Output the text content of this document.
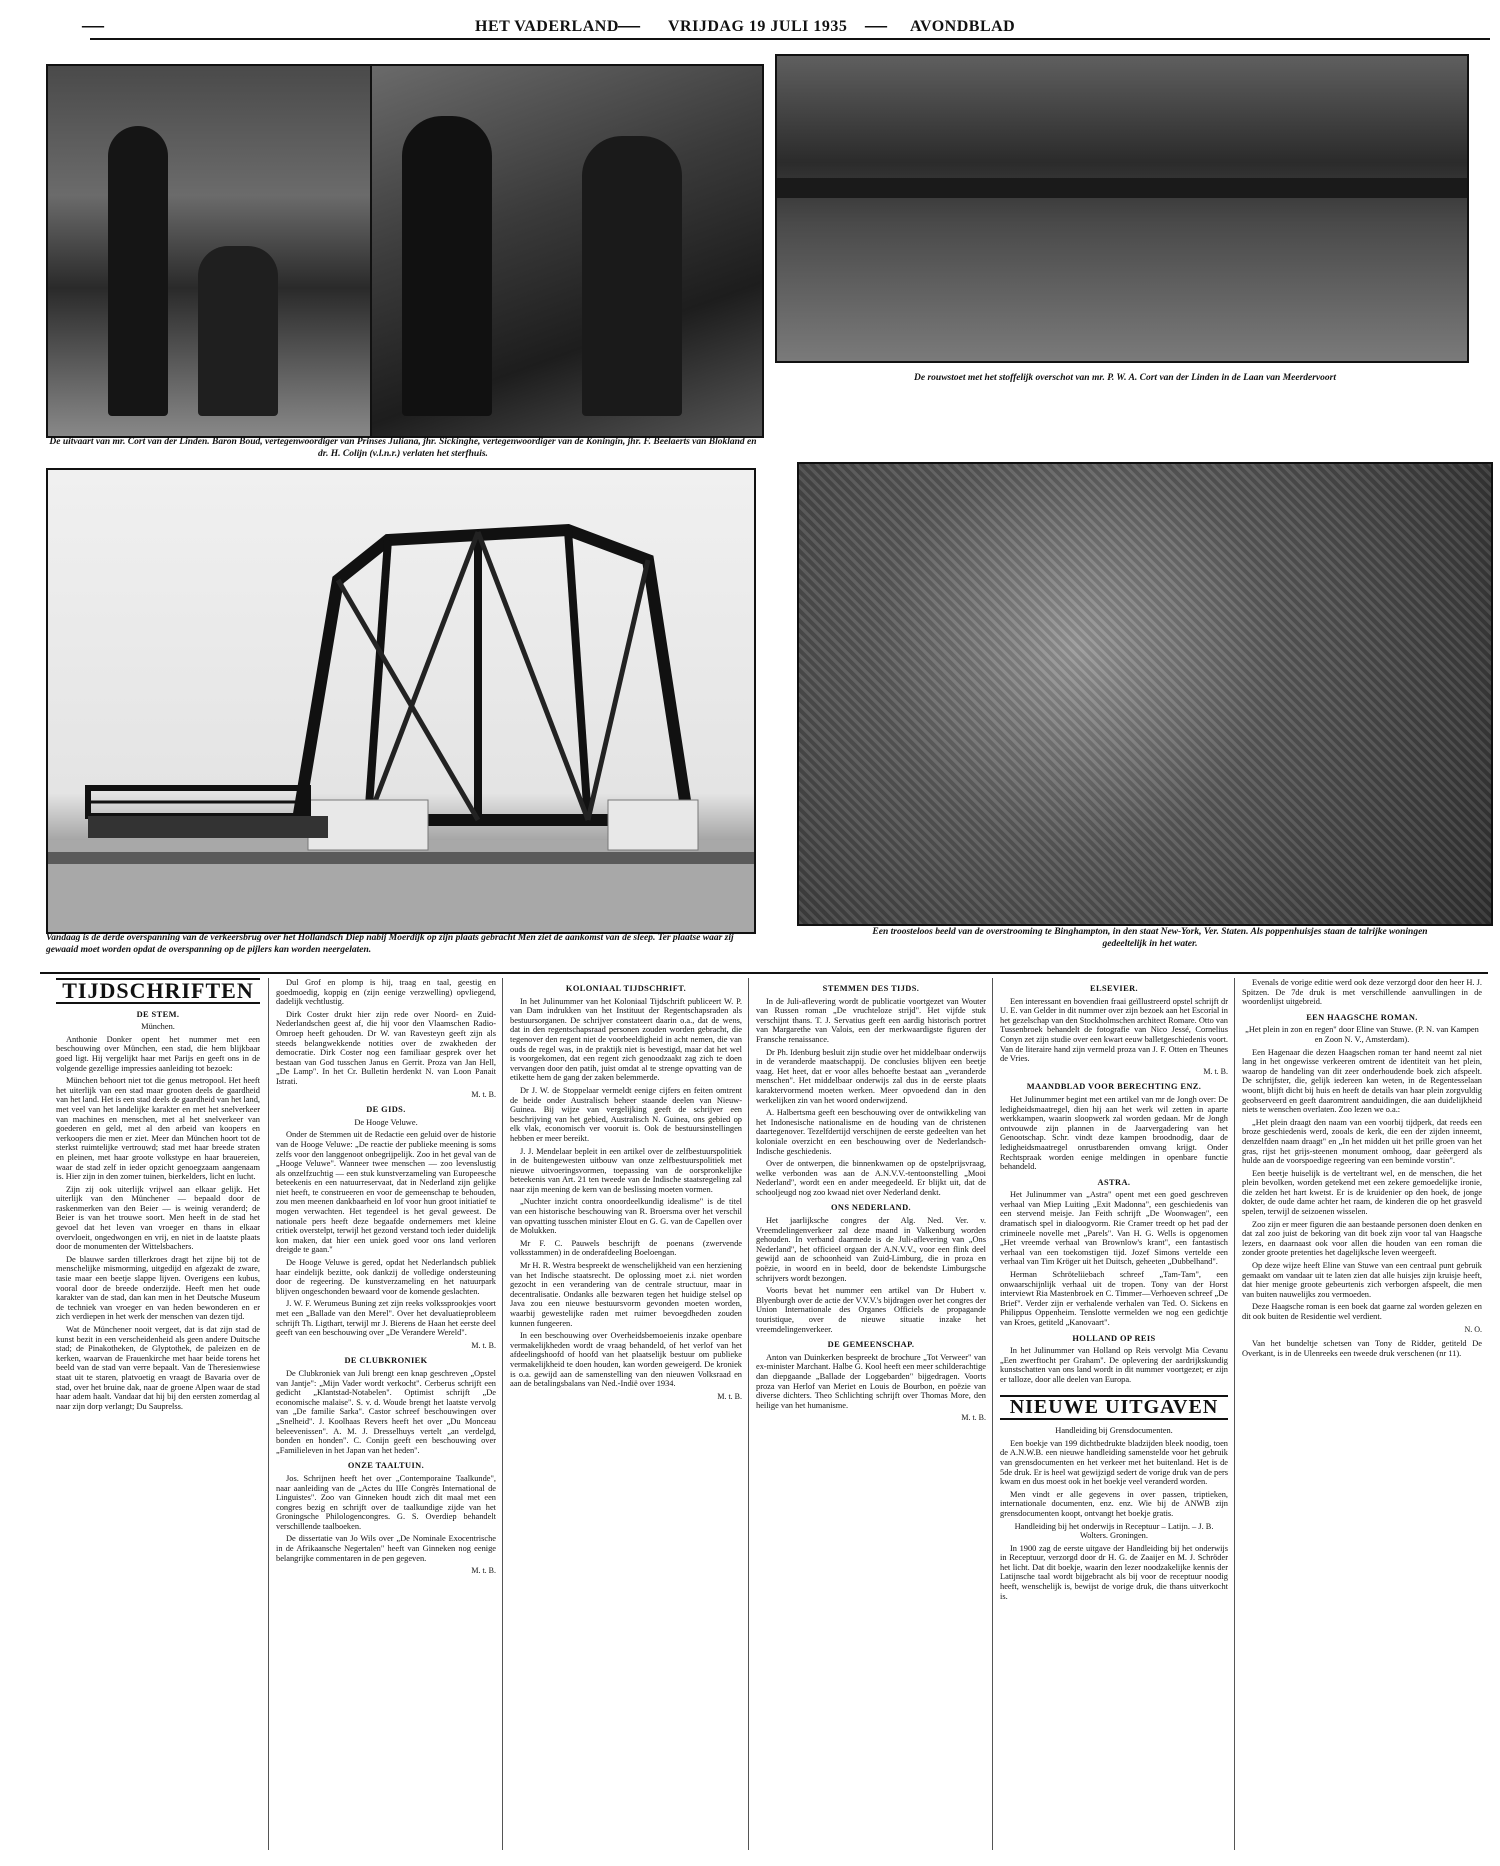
—	HET VADERLAND — VRIJDAG 19 JULI 1935 — AVONDBLAD
De uitvaart van mr. Cort van der Linden. Baron Boud, vertegenwoordiger van Prinses Juliana, jhr. Sickinghe, vertegenwoordiger van de Koningin, jhr. F. Beelaerts van Blokland en dr. H. Colijn (v.l.n.r.) verlaten het sterfhuis.
De rouwstoet met het stoffelijk overschot van mr. P. W. A. Cort van der Linden in de Laan van Meerdervoort
Vandaag is de derde overspanning van de verkeersbrug over het Hollandsch Diep nabij Moerdijk op zijn plaats gebracht Men ziet de aankomst van de sleep. Ter plaatse waar zij gewaaid moet worden opdat de overspanning op de pijlers kan worden neergelaten.
Een troosteloos beeld van de overstrooming te Binghampton, in den staat New-York, Ver. Staten. Als poppenhuisjes staan de talrijke woningen gedeeltelijk in het water.
TIJDSCHRIFTEN
DE STEM.
München.

Anthonie Donker opent het nummer met een beschouwing over München, een stad, die hem blijkbaar goed ligt. Hij vergelijkt haar met Parijs en geeft ons in de volgende gezellige impressies aanleiding tot bezoek:

München behoort niet tot die genus metropool. Het heeft het uiterlijk van een stad maar grooten deels de gaardheid van het land. Het is een stad deels de gaardheid van het land, met veel van het landelijke karakter en met het snelverkeer van machines en menschen, met al het snelverkeer van goederen en geld, met al den arbeid van koopers en verkoopers die men er ziet. Meer dan München hoort tot de sterkst ruimtelijke vertrouwd; stad met haar breede straten en pleinen, met haar groote volkstype en haar brauereien, waar de stad zelf in ieder opzicht genoegzaam aangenaam is. Hier zijn in den zomer tuinen, bierkelders, licht en lucht.

Zijn zij ook uiterlijk vrijwel aan elkaar gelijk. Het uiterlijk van den Münchener — bepaald door de raskenmerken van den Beier — is weinig veranderd; de Beier is van het trouwe soort. Men heeft in de stad het gevoel dat het leven van vroeger en thans in elkaar overvloeit, ongedwongen en vrij, en niet in de laatste plaats door de monumenten der Wittelsbachers.

De blauwe sarden tillerkroes dragt het zijne bij tot de menschelijke mismorming, uitgedijd en afgezakt de zware, tasie maar een beetje slappe lijven. Overigens een kubus, vooral door de breede onderzijde. Heeft men het oude karakter van de stad, dan kan men in het Deutsche Museum de techniek van vroeger en van heden bewonderen en er zich verdiepen in het werk der menschen van dezen tijd.

Wat de Münchener nooit vergeet, dat is dat zijn stad de kunst bezit in een verscheidenheid als geen andere Duitsche stad; de Pinakotheken, de Glyptothek, de paleizen en de kerken, waarvan de Frauenkirche met haar beide torens het beeld van de stad van verre bepaalt. Van de Theresienwiese staat uit te staren, platvoetig en vraagt de Bavaria over de stad, over het bruine dak, naar de groene Alpen waar de stad haar adem haalt. Vandaar dat hij bij den eersten zomerdag al naar zijn dorp verlangt; Du Sauprelss.

Dul Grof en plomp is hij, traag en taal, geestig en goedmoedig, koppig en (zijn eenige verzwelling) opvliegend, dadelijk vechtlustig.

Dirk Coster drukt hier zijn rede over Noord- en Zuid-Nederlandschen geest af, die hij voor den Vlaamschen Radio-Omroep heeft gehouden. Dr W. van Ravesteyn geeft zijn als steeds belangwekkende notities over de zwakheden der democratie. Dirk Coster nog een familiaar gesprek over het bestaan van God tusschen Janus en Gerrit. Proza van Jan Hell, „De Lamp". In het Cr. Bulletin herdenkt N. van Loon Panait Istrati.

M. t. B.
DE GIDS.
De Hooge Veluwe.

Onder de Stemmen uit de Redactie een geluid over de historie van de Hooge Veluwe: „De reactie der publieke meening is soms zelfs voor den langgenoot onbegrijpelijk. Zoo in het geval van de „Hooge Veluwe". Wanneer twee menschen — zoo levenslustig als onzelfzuchtig — een stuk kunstverzameling van Europeesche beteekenis en een natuurreservaat, dat in Nederland zijn gelijke niet heeft, te construeeren en voor de gemeenschap te behouden, zou men meenen dankbaarheid en lof voor hun groot initiatief te mogen verwachten. Het tegendeel is het geval geweest. De nationale pers heeft deze begaafde ondernemers met kleine critiek overstelpt, terwijl het gezond verstand toch ieder duidelijk kon maken, dat hier een uniek goed voor ons land verloren dreigde te gaan."

De Hooge Veluwe is gered, opdat het Nederlandsch publiek haar eindelijk bezitte, ook dankzij de volledige ondersteuning door de regeering. De kunstverzameling en het natuurpark blijven ongeschonden bewaard voor de komende geslachten.

J. W. F. Werumeus Buning zet zijn reeks volkssprookjes voort met een „Ballade van den Merel". Over het devaluatieprobleem schrijft Th. Ligthart, terwijl mr J. Bierens de Haan het eerste deel geeft van een beschouwing over „De Verandere Wereld".

M. t. B.
DE CLUBKRONIEK

De Clubkroniek van Juli brengt een knap geschreven „Opstel van Jantje": „Mijn Vader wordt verkocht". Cerberus schrijft een gedicht „Klantstad-Notabelen". Optimist schrijft „De economische malaise". S. v. d. Woude brengt het laatste vervolg van „De familie Sarka". Castor schreef beschouwingen over „Snelheid". J. Koolhaas Revers heeft het over „Du Monceau beleevenissen". A. M. J. Dresselhuys vertelt „an verdelgd, bonden en honden". C. Conijn geeft een beschouwing over „Familieleven in het Japan van het heden".

ONZE TAALTUIN.

Jos. Schrijnen heeft het over „Contemporaine Taalkunde", naar aanleiding van de „Actes du IIIe Congrès International de Linguistes". Zoo van Ginneken houdt zich dit maal met een congres bezig en schrijft over de taalkundige zijde van het Groningsche Philologencongres. G. S. Overdiep behandelt verschillende taalboeken.

De dissertatie van Jo Wils over „De Nominale Exocentrische in de Afrikaansche Negertalen" heeft van Ginneken nog eenige belangrijke commentaren in de pen gegeven.

M. t. B.
KOLONIAAL TIJDSCHRIFT.

In het Julinummer van het Koloniaal Tijdschrift publiceert W. P. van Dam indrukken van het Instituut der Regentschapsraden als bestuursorganen. De schrijver constateert daarin o.a., dat de wens, dat in den regentschapsraad personen zouden worden gebracht, die tegenover den regent niet de voorbeeldigheid in acht nemen, die van ouds de regel was, in de praktijk niet is bevestigd, maar dat het wel is voorgekomen, dat een regent zich genoodzaakt zag zich te doen vervangen door den patih, juist omdat al te strenge opvatting van de etikette hem de gang der zaken belemmerde.

Dr J. W. de Stoppelaar vermeldt eenige cijfers en feiten omtrent de beide onder Australisch beheer staande deelen van Nieuw-Guinea. Bij wijze van vergelijking geeft de schrijver een beschrijving van het gebied, Australisch N. Guinea, ons gebied op elk vlak, economisch ver vooruit is. Ook de bestuursinstellingen hebben er meer bereikt.

J. J. Mendelaar bepleit in een artikel over de zelfbestuurspolitiek in de buitengewesten uitbouw van onze zelfbestuurspolitiek met nieuwe uitvoeringsvormen, toepassing van de oorspronkelijke beteekenis van Art. 21 ten tweede van de Indische staatsregeling zal naar zijn meening de kern van de beslissing moeten vormen.

„Nuchter inzicht contra onoordeelkundig idealisme" is de titel van een historische beschouwing van R. Broersma over het verschil van opvatting tusschen minister Elout en G. G. van de Capellen over de Molukken.

Mr F. C. Pauwels beschrijft de poenans (zwervende volksstammen) in de onderafdeeling Boeloengan.

Mr H. R. Westra bespreekt de wenschelijkheid van een herziening van het Indische staatsrecht. De oplossing moet z.i. niet worden gezocht in een verandering van de centrale structuur, maar in decentralisatie. Ondanks alle bezwaren tegen het huidige stelsel op Java zou een nieuwe bestuursvorm gevonden moeten worden, waarbij gewestelijke raden met ruimer bevoegdheden zouden kunnen fungeeren.

In een beschouwing over Overheidsbemoeienis inzake openbare vermakelijkheden wordt de vraag behandeld, of het verlof van het afdeelingshoofd of hoofd van het plaatselijk bestuur om publieke vermakelijkheid te doen houden, kan worden geweigerd. De kroniek is o.a. gewijd aan de samenstelling van den nieuwen Volksraad en aan de betalingsbalans van Ned.-Indië over 1934.

M. t. B.
STEMMEN DES TIJDS.

In de Juli-aflevering wordt de publicatie voortgezet van Wouter van Russen roman „De vruchteloze strijd". Het vijfde stuk verschijnt thans. T. J. Servatius geeft een aardig historisch portret van Margarethe van Valois, een der merkwaardigste figuren der Fransche renaissance.

Dr Ph. Idenburg besluit zijn studie over het middelbaar onderwijs in de veranderde maatschappij. De conclusies blijven een beetje vaag. Het heet, dat er voor alles behoefte bestaat aan „veranderde menschen". Het middelbaar onderwijs zal dus in de eerste plaats karaktervormend moeten werken. Meer opvoedend dan in den werkelijken zin van het woord onderwijzend.

A. Halbertsma geeft een beschouwing over de ontwikkeling van het Indonesische nationalisme en de houding van de christenen daartegenover. Tezelfdertijd verschijnen de eerste gedeelten van het koloniale overzicht en een beschouwing over de Nederlandsch-Indische geschiedenis.

Over de ontwerpen, die binnenkwamen op de opstelprijsvraag, welke verbonden was aan de A.N.V.V.-tentoonstelling „Mooi Nederland", wordt een en ander meegedeeld. Er blijkt uit, dat de schooljeugd nog zoo kwaad niet over Nederland denkt.

ONS NEDERLAND.

Het jaarlijksche congres der Alg. Ned. Ver. v. Vreemdelingenverkeer zal deze maand in Valkenburg worden gehouden. In verband daarmede is de Juli-aflevering van „Ons Nederland", het officieel orgaan der A.N.V.V., voor een flink deel gewijd aan de schoonheid van Zuid-Limburg, die in proza en poëzie, in woord en in beeld, door de bekendste Limburgsche schrijvers wordt bezongen.

Voorts bevat het nummer een artikel van Dr Hubert v. Blyenburgh over de actie der V.V.V.'s bijdragen over het congres der Union Internationale des Organes Officiels de propagande touristique, over de nieuwe situatie inzake het vreemdelingenverkeer.

DE GEMEENSCHAP.

Anton van Duinkerken bespreekt de brochure „Tot Verweer" van ex-minister Marchant. Halbe G. Kool heeft een meer schilderachtige dan diepgaande „Ballade der Loggebarden" bijgedragen. Voorts proza van Herlof van Meriet en Louis de Bourbon, en poëzie van diverse dichters. Theo Schlichting schrijft over Thomas More, den heilige van het humanisme.

M. t. B.
ELSEVIER.

Een interessant en bovendien fraai geïllustreerd opstel schrijft dr U. E. van Gelder in dit nummer over zijn bezoek aan het Escorial in het gezelschap van den Stockholmschen architect Romare. Otto van Tussenbroek behandelt de fotografie van Nico Jessé, Cornelius Conyn zet zijn studie over een kwart eeuw balletgeschiedenis voort. Van de literaire hand zijn vermeld proza van J. F. Otten en Theunes de Vries.

M. t. B.
MAANDBLAD VOOR BERECHTING ENZ.

Het Julinummer begint met een artikel van mr de Jongh over: De ledigheidsmaatregel, dien hij aan het werk wil zetten in aparte werkkampen, waarin sloopwerk zal worden gedaan. Mr de Jongh ontvouwde zijn plannen in de Jaarvergadering van het Genootschap. Schr. vindt deze kampen broodnodig, daar de ledigheidsmaatregel onrustbarenden omvang krijgt. Onder Rechtspraak worden eenige meldingen in openbare functie behandeld.

ASTRA.

Het Julinummer van „Astra" opent met een goed geschreven verhaal van Miep Luiting „Exit Madonna", een geschiedenis van een stervend meisje. Jan Feith schrijft „De Woonwagen", een dramatisch spel in dialoogvorm. Rie Cramer treedt op het pad der crimineele novelle met „Parels". Van H. G. Wells is opgenomen „Het vreemde verhaal van Brownlow's krant", een fantastisch verhaal van een toekomstigen tijd. Jozef Simons vertelde een verhaal van Tim Kröger uit het Duitsch, geheeten „Dubbelhand".

Herman Schröteliiebach schreef „Tam-Tam", een onwaarschijnlijk verhaal uit de tropen. Tony van der Horst interviewt Ria Mastenbroek en C. Timmer—Verhoeven schreef „De Brief". Verder zijn er verhalende verhalen van Ted. O. Sickens en Philippus Oppenheim. Tenslotte vermelden we nog een gedichtje van Kroes, getiteld „Kanovaart".

HOLLAND OP REIS

In het Julinummer van Holland op Reis vervolgt Mia Cevanu „Een zwerftocht per Graham". De oplevering der aardrijkskundig kunstschatten van ons land wordt in dit nummer voortgezet; er zijn er talloze, door alle deelen van Europa.

NIEUWE UITGAVEN
Handleiding bij Grensdocumenten.

Een boekje van 199 dichtbedrukte bladzijden bleek noodig, toen de A.N.W.B. een nieuwe handleiding samenstelde voor het gebruik van grensdocumenten en het verkeer met het buitenland. Het is de 5de druk. Er is heel wat gewijzigd sedert de vorige druk van de pers kwam en dus moest ook in het boekje veel veranderd worden.

Men vindt er alle gegevens in over passen, triptieken, internationale documenten, enz. enz. Wie bij de ANWB zijn grensdocumenten koopt, ontvangt het boekje gratis.

Handleiding bij het onderwijs in Receptuur – Latijn. – J. B. Wolters. Groningen.

In 1900 zag de eerste uitgave der Handleiding bij het onderwijs in Receptuur, verzorgd door dr H. G. de Zaaijer en M. J. Schröder het licht. Dat dit boekje, waarin den lezer noodzakelijke kennis der Latijnsche taal wordt bijgebracht als bij voor de receptuur noodig heeft, wenschelijk is, bewijst de vorige druk, die thans uitverkocht is.

Evenals de vorige editie werd ook deze verzorgd door den heer H. J. Spitzen. De 7de druk is met verschillende aanvullingen in de woordenlijst uitgebreid.

EEN HAAGSCHE ROMAN.
„Het plein in zon en regen" door Eline van Stuwe. (P. N. van Kampen en Zoon N. V., Amsterdam).

Een Hagenaar die dezen Haagschen roman ter hand neemt zal niet lang in het ongewisse verkeeren omtrent de identiteit van het plein, waarop de handeling van dit zeer onderhoudende boek zich afspeelt. De schrijfster, die, gelijk iedereen kan weten, in de Regentesselaan woont, blijft dicht bij huis en heeft de details van haar plein zorgvuldig geobserveerd en geeft daaromtrent aanduidingen, die aan duidelijkheid niets te wenschen overlaten. Zoo lezen we o.a.:

„Het plein draagt den naam van een voorbij tijdperk, dat reeds een broze geschiedenis werd, zooals de kerk, die een der zijden inneemt, denzelfden naam draagt" en „In het midden uit het prille groen van het gras, rijst het grijs-steenen monument omhoog, daar geëergerd als hulde aan de voorspoedige regeering van een beminde vorstin".

Een beetje huiselijk is de verteltrant wel, en de menschen, die het plein bevolken, worden getekend met een zekere gemoedelijke ironie, die zelden het hart kwetst. Er is de kruidenier op den hoek, de jonge dokter, de oude dame achter het raam, de kinderen die op het grasveld spelen, terwijl de seizoenen wisselen.

Zoo zijn er meer figuren die aan bestaande personen doen denken en dat zal zoo juist de bekoring van dit boek zijn voor tal van Haagsche lezers, en daarnaast ook voor allen die houden van een roman die zonder groote pretenties het dagelijksche leven weergeeft.

Op deze wijze heeft Eline van Stuwe van een centraal punt gebruik gemaakt om vandaar uit te laten zien dat alle huisjes zijn kruisje heeft, dat hier menige groote gebeurtenis zich verborgen afspeelt, die men van buiten nauwelijks zou vermoeden.

Deze Haagsche roman is een boek dat gaarne zal worden gelezen en dit ook buiten de Residentie wel verdient.

N. O.

Van het bundeltje schetsen van Tony de Ridder, getiteld De Overkant, is in de Ulenreeks een tweede druk verschenen (nr 11).
